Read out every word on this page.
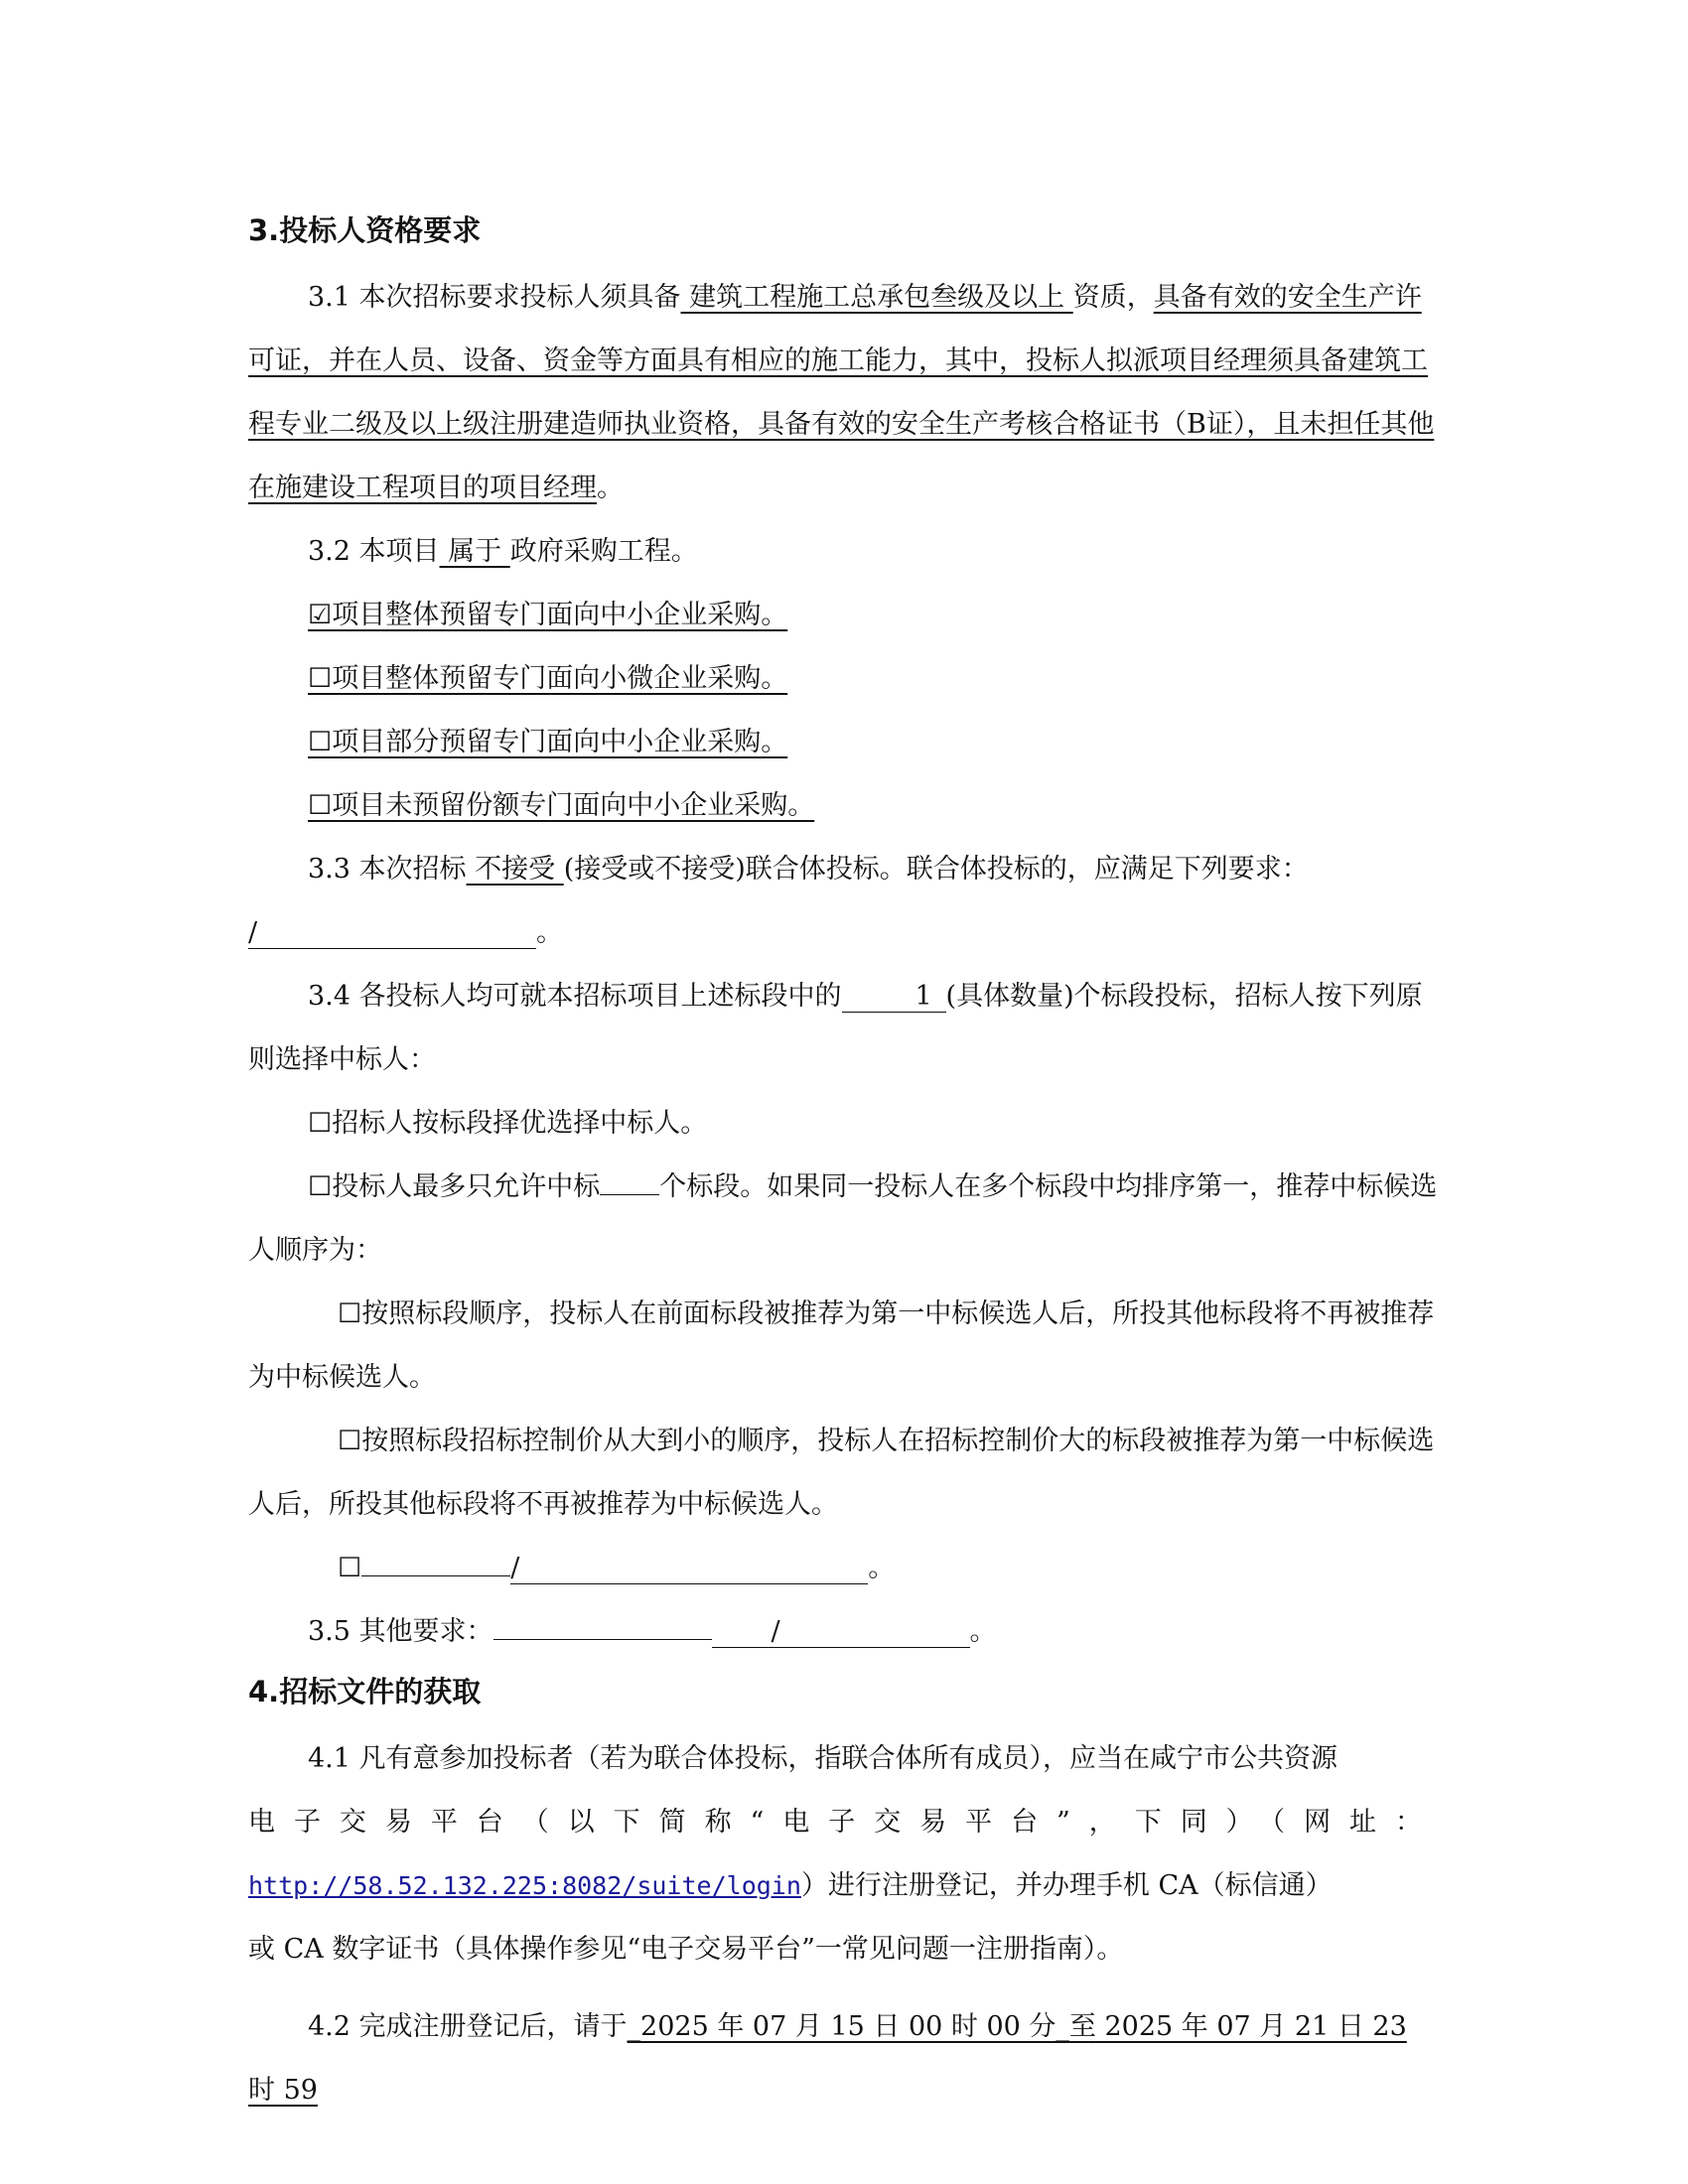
3.投标人资格要求

3.1 本次招标要求投标人须具备 建筑工程施工总承包叁级及以上 资质，具备有效的安全生产许可证，并在人员、设备、资金等方面具有相应的施工能力，其中，投标人拟派项目经理须具备建筑工程专业二级及以上级注册建造师执业资格，具备有效的安全生产考核合格证书（B证），且未担任其他在施建设工程项目的项目经理。

3.2 本项目 属于 政府采购工程。

☑项目整体预留专门面向中小企业采购。

☐项目整体预留专门面向小微企业采购。

☐项目部分预留专门面向中小企业采购。

☐项目未预留份额专门面向中小企业采购。

3.3 本次招标 不接受 (接受或不接受)联合体投标。联合体投标的，应满足下列要求：
/	。

3.4 各投标人均可就本招标项目上述标段中的	1 (具体数量)个标段投标，招标人按下列原则选择中标人：

☐招标人按标段择优选择中标人。

☐投标人最多只允许中标 个标段。如果同一投标人在多个标段中均排序第一，推荐中标候选人顺序为：

☐按照标段顺序，投标人在前面标段被推荐为第一中标候选人后，所投其他标段将不再被推荐为中标候选人。

☐按照标段招标控制价从大到小的顺序，投标人在招标控制价大的标段被推荐为第一中标候选人后，所投其他标段将不再被推荐为中标候选人。

☐	/	。

3.5 其他要求：	/	。

4.招标文件的获取

4.1 凡有意参加投标者（若为联合体投标，指联合体所有成员），应当在咸宁市公共资源
电子交易平台（以下简称“电子交易平台”，下同）（网址：
http://58.52.132.225:8082/suite/login）进行注册登记，并办理手机 CA（标信通）
或 CA 数字证书（具体操作参见“电子交易平台”一常见问题一注册指南）。

4.2 完成注册登记后，请于_2025 年 07 月 15 日 00 时 00 分_至 2025 年 07 月 21 日 23 时 59
